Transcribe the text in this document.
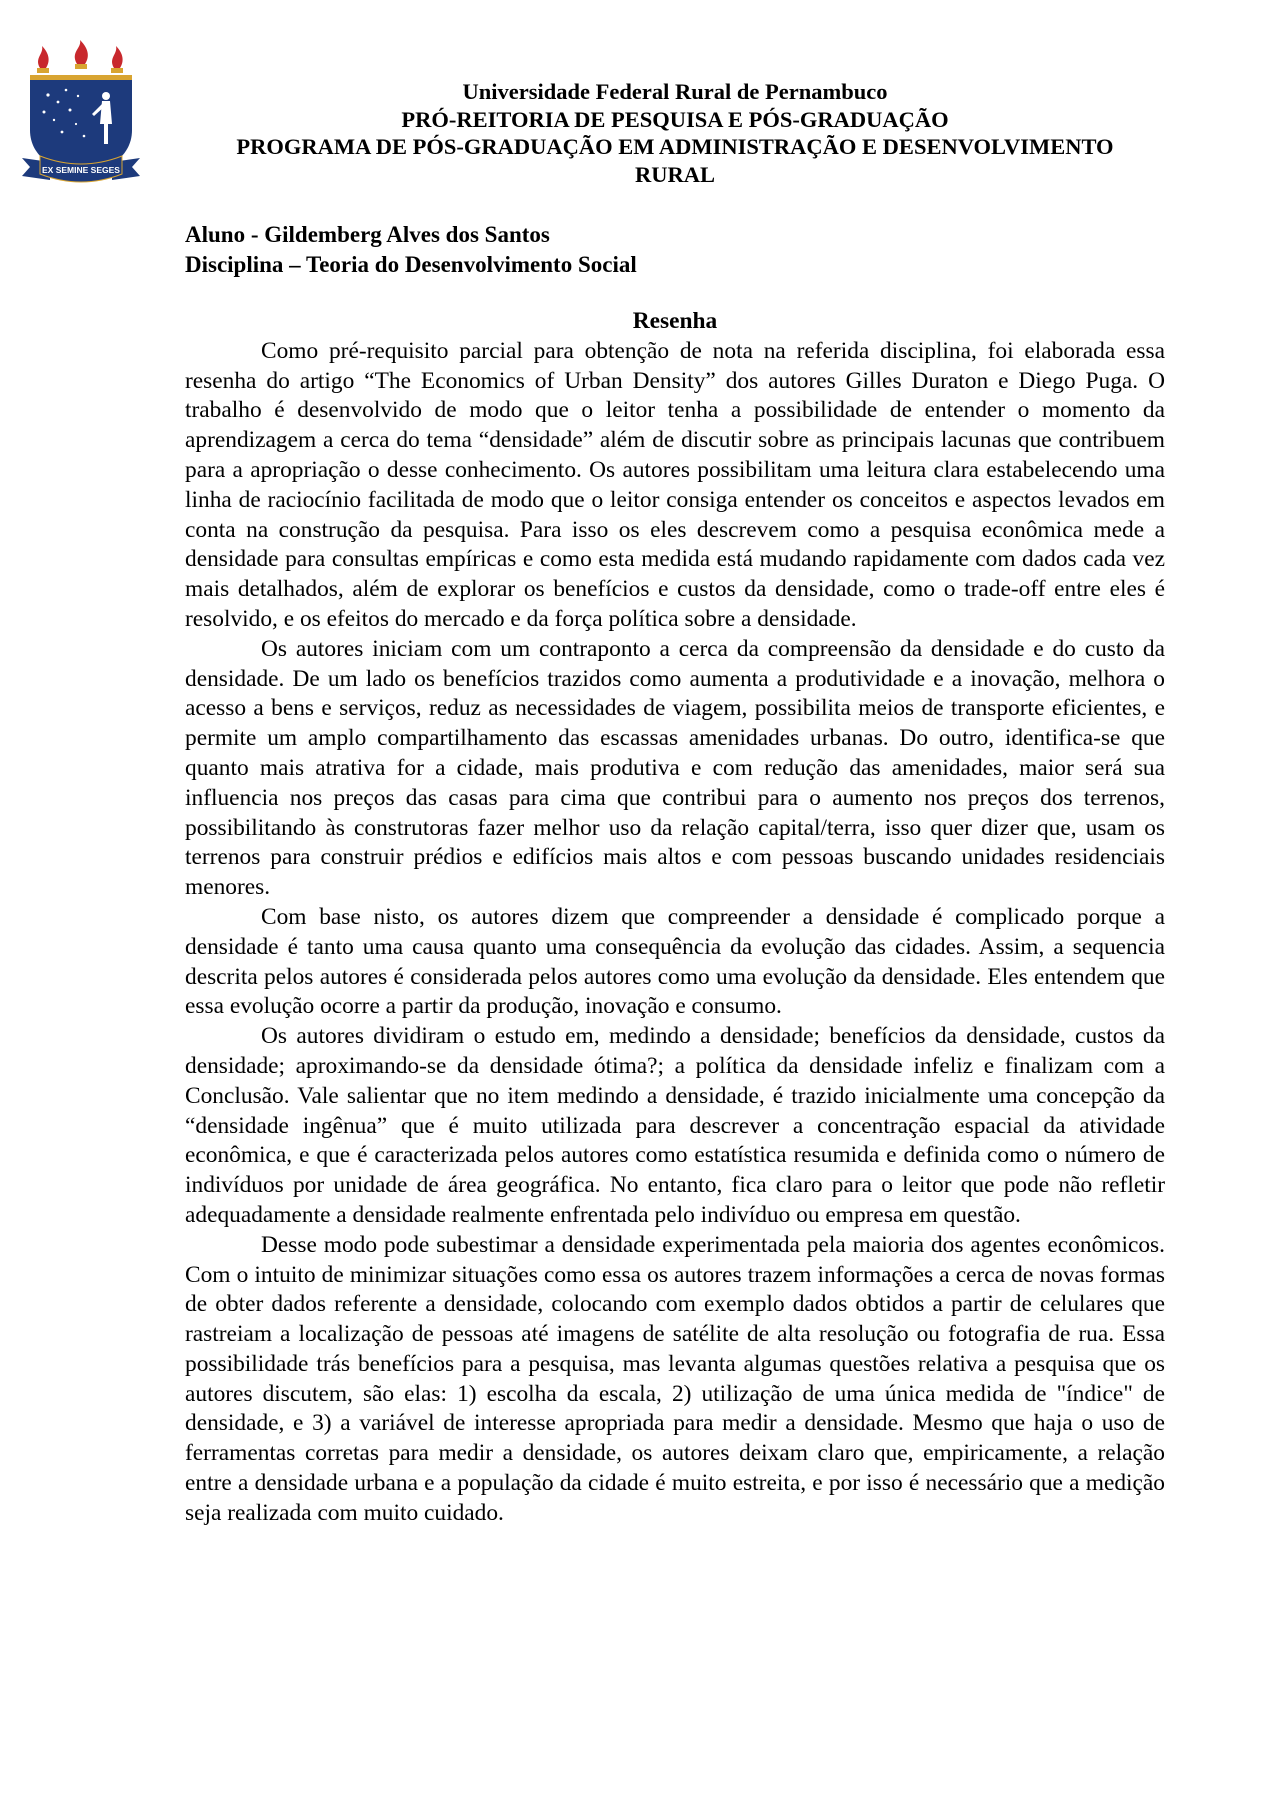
EX SEMINE SEGES
Universidade Federal Rural de Pernambuco
PRÓ-REITORIA DE PESQUISA E PÓS-GRADUAÇÃO
PROGRAMA DE PÓS-GRADUAÇÃO EM ADMINISTRAÇÃO E DESENVOLVIMENTO
RURAL
Aluno - Gildemberg Alves dos Santos
Disciplina – Teoria do Desenvolvimento Social
Resenha

Como pré-requisito parcial para obtenção de nota na referida disciplina, foi elaborada essa resenha do artigo “The Economics of Urban Density” dos autores Gilles Duraton e Diego Puga. O trabalho é desenvolvido de modo que o leitor tenha a possibilidade de entender o momento da aprendizagem a cerca do tema “densidade” além de discutir sobre as principais lacunas que contribuem para a apropriação o desse conhecimento. Os autores possibilitam uma leitura clara estabelecendo uma linha de raciocínio facilitada de modo que o leitor consiga entender os conceitos e aspectos levados em conta na construção da pesquisa. Para isso os eles descrevem como a pesquisa econômica mede a densidade para consultas empíricas e como esta medida está mudando rapidamente com dados cada vez mais detalhados, além de explorar os benefícios e custos da densidade, como o trade-off entre eles é resolvido, e os efeitos do mercado e da força política sobre a densidade.

Os autores iniciam com um contraponto a cerca da compreensão da densidade e do custo da densidade. De um lado os benefícios trazidos como aumenta a produtividade e a inovação, melhora o acesso a bens e serviços, reduz as necessidades de viagem, possibilita meios de transporte eficientes, e permite um amplo compartilhamento das escassas amenidades urbanas. Do outro, identifica-se que quanto mais atrativa for a cidade, mais produtiva e com redução das amenidades, maior será sua influencia nos preços das casas para cima que contribui para o aumento nos preços dos terrenos, possibilitando às construtoras fazer melhor uso da relação capital/terra, isso quer dizer que, usam os terrenos para construir prédios e edifícios mais altos e com pessoas buscando unidades residenciais menores.

Com base nisto, os autores dizem que compreender a densidade é complicado porque a densidade é tanto uma causa quanto uma consequência da evolução das cidades. Assim, a sequencia descrita pelos autores é considerada pelos autores como uma evolução da densidade. Eles entendem que essa evolução ocorre a partir da produção, inovação e consumo.

Os autores dividiram o estudo em, medindo a densidade; benefícios da densidade, custos da densidade; aproximando-se da densidade ótima?; a política da densidade infeliz e finalizam com a Conclusão. Vale salientar que no item medindo a densidade, é trazido inicialmente uma concepção da “densidade ingênua” que é muito utilizada para descrever a concentração espacial da atividade econômica, e que é caracterizada pelos autores como estatística resumida e definida como o número de indivíduos por unidade de área geográfica. No entanto, fica claro para o leitor que pode não refletir adequadamente a densidade realmente enfrentada pelo indivíduo ou empresa em questão.

Desse modo pode subestimar a densidade experimentada pela maioria dos agentes econômicos. Com o intuito de minimizar situações como essa os autores trazem informações a cerca de novas formas de obter dados referente a densidade, colocando com exemplo dados obtidos a partir de celulares que rastreiam a localização de pessoas até imagens de satélite de alta resolução ou fotografia de rua. Essa possibilidade trás benefícios para a pesquisa, mas levanta algumas questões relativa a pesquisa que os autores discutem, são elas: 1) escolha da escala, 2) utilização de uma única medida de "índice" de densidade, e 3) a variável de interesse apropriada para medir a densidade. Mesmo que haja o uso de ferramentas corretas para medir a densidade, os autores deixam claro que, empiricamente, a relação entre a densidade urbana e a população da cidade é muito estreita, e por isso é necessário que a medição seja realizada com muito cuidado.
